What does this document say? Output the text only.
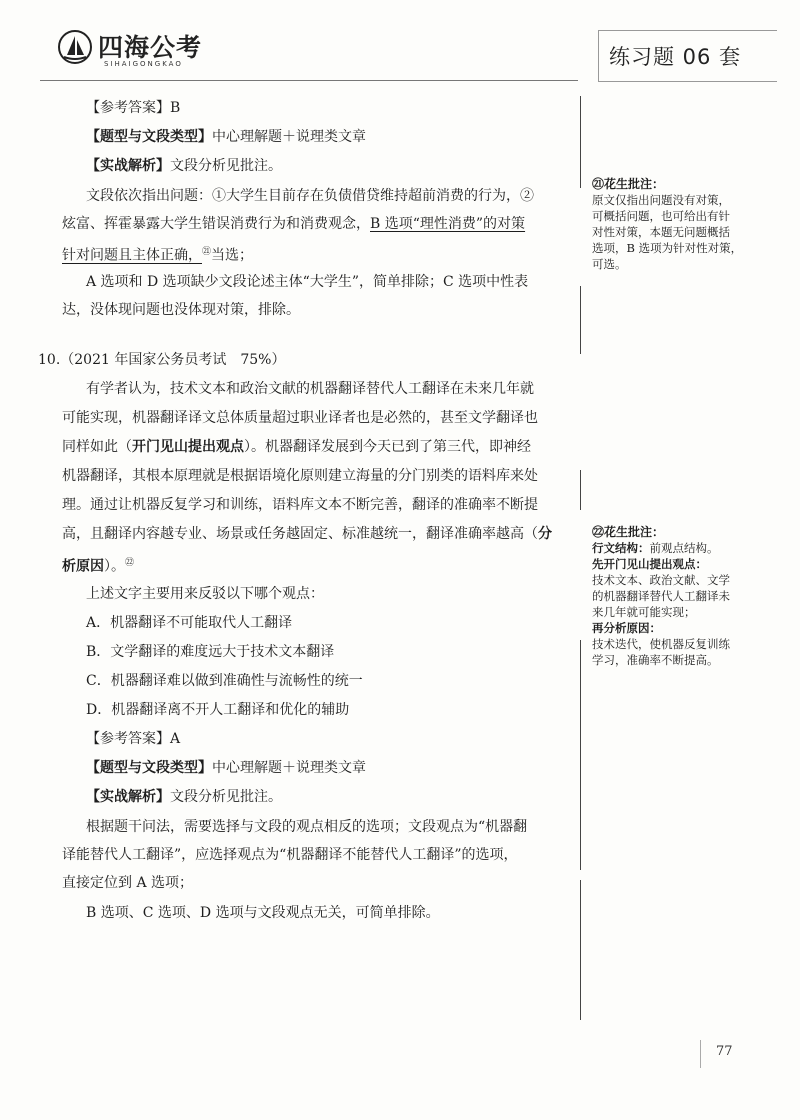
四海公考
SIHAIGONGKAO	练习题 06 套
【参考答案】B
【题型与文段类型】中心理解题＋说理类文章
【实战解析】文段分析见批注。
文段依次指出问题：①大学生目前存在负债借贷维持超前消费的行为，②
炫富、挥霍暴露大学生错误消费行为和消费观念，B 选项“理性消费”的对策
针对问题且主体正确，$^㉑$当选；
A 选项和 D 选项缺少文段论述主体“大学生”，简单排除；C 选项中性表
达，没体现问题也没体现对策，排除。
10.（2021 年国家公务员考试　75%）
有学者认为，技术文本和政治文献的机器翻译替代人工翻译在未来几年就
可能实现，机器翻译译文总体质量超过职业译者也是必然的，甚至文学翻译也
同样如此（开门见山提出观点）。机器翻译发展到今天已到了第三代，即神经
机器翻译，其根本原理就是根据语境化原则建立海量的分门别类的语料库来处
理。通过让机器反复学习和训练，语料库文本不断完善，翻译的准确率不断提
高，且翻译内容越专业、场景或任务越固定、标准越统一，翻译准确率越高（分
析原因）。$^㉒$
上述文字主要用来反驳以下哪个观点：
A．机器翻译不可能取代人工翻译
B．文学翻译的难度远大于技术文本翻译
C．机器翻译难以做到准确性与流畅性的统一
D．机器翻译离不开人工翻译和优化的辅助
【参考答案】A
【题型与文段类型】中心理解题＋说理类文章
【实战解析】文段分析见批注。
根据题干问法，需要选择与文段的观点相反的选项；文段观点为“机器翻
译能替代人工翻译”，应选择观点为“机器翻译不能替代人工翻译”的选项，
直接定位到 A 选项；
B 选项、C 选项、D 选项与文段观点无关，可简单排除。
㉑花生批注：
原文仅指出问题没有对策，
可概括问题，也可给出有针
对性对策，本题无问题概括
选项，B 选项为针对性对策，
可选。
㉒花生批注：
行文结构：前观点结构。
先开门见山提出观点：
技术文本、政治文献、文学
的机器翻译替代人工翻译未
来几年就可能实现；
再分析原因：
技术迭代，使机器反复训练
学习，准确率不断提高。
77
